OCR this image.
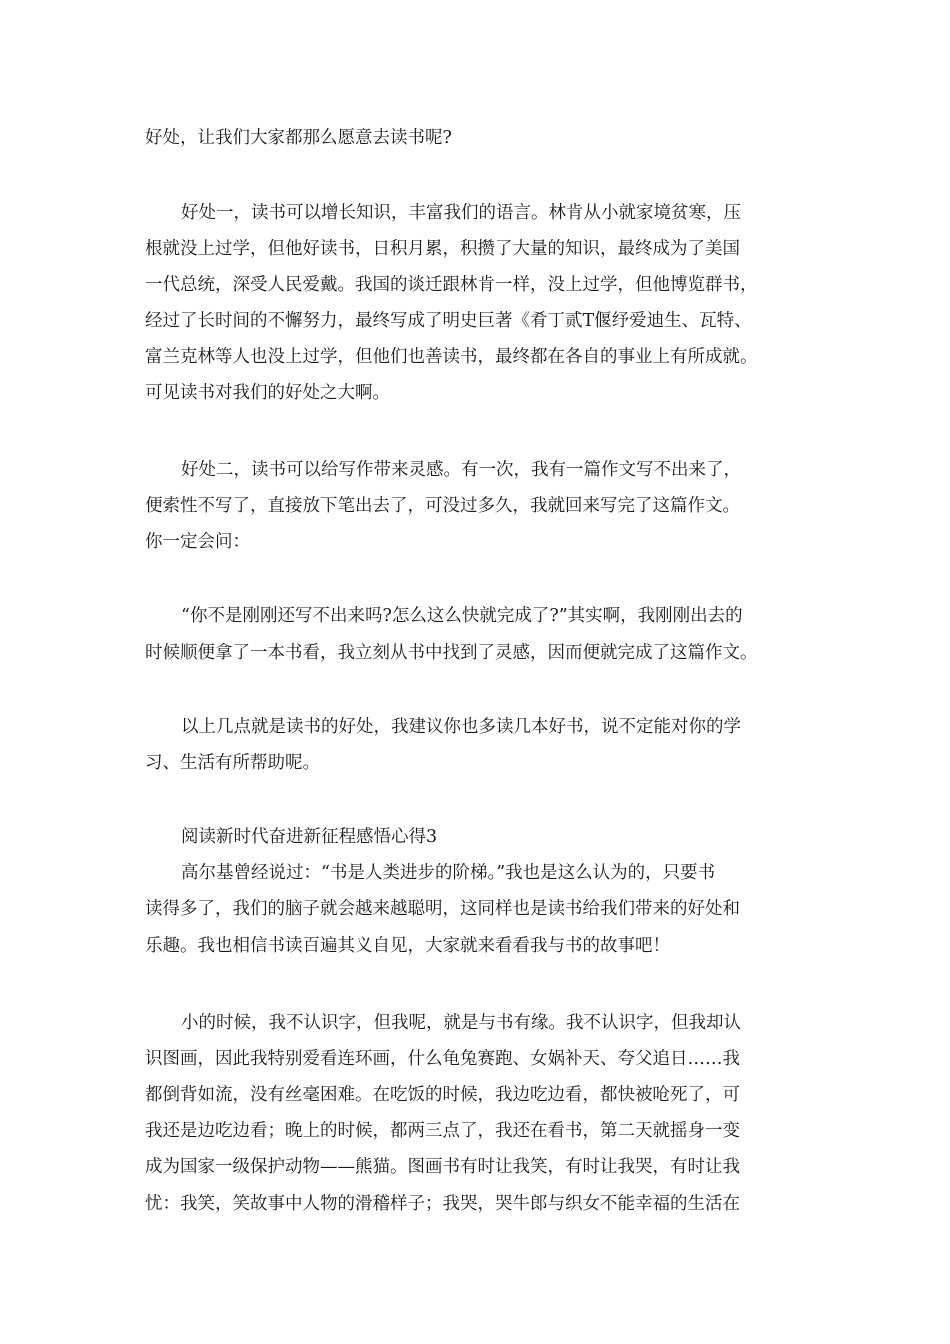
好处，让我们大家都那么愿意去读书呢?
好处一，读书可以增长知识，丰富我们的语言。林肯从小就家境贫寒，压
根就没上过学，但他好读书，日积月累，积攒了大量的知识，最终成为了美国
一代总统，深受人民爱戴。我国的谈迁跟林肯一样，没上过学，但他博览群书，
经过了长时间的不懈努力，最终写成了明史巨著《肴丁贰T偃纾爱迪生、瓦特、
富兰克林等人也没上过学，但他们也善读书，最终都在各自的事业上有所成就。
可见读书对我们的好处之大啊。
好处二，读书可以给写作带来灵感。有一次，我有一篇作文写不出来了，
便索性不写了，直接放下笔出去了，可没过多久，我就回来写完了这篇作文。
你一定会问：
“你不是刚刚还写不出来吗?怎么这么快就完成了?”其实啊，我刚刚出去的
时候顺便拿了一本书看，我立刻从书中找到了灵感，因而便就完成了这篇作文。
以上几点就是读书的好处，我建议你也多读几本好书，说不定能对你的学
习、生活有所帮助呢。
阅读新时代奋进新征程感悟心得3
高尔基曾经说过：“书是人类进步的阶梯。”我也是这么认为的，只要书
读得多了，我们的脑子就会越来越聪明，这同样也是读书给我们带来的好处和
乐趣。我也相信书读百遍其义自见，大家就来看看我与书的故事吧！
小的时候，我不认识字，但我呢，就是与书有缘。我不认识字，但我却认
识图画，因此我特别爱看连环画，什么龟兔赛跑、女娲补天、夸父追日……我
都倒背如流，没有丝毫困难。在吃饭的时候，我边吃边看，都快被呛死了，可
我还是边吃边看；晚上的时候，都两三点了，我还在看书，第二天就摇身一变
成为国家一级保护动物——熊猫。图画书有时让我笑，有时让我哭，有时让我
忧：我笑，笑故事中人物的滑稽样子；我哭，哭牛郎与织女不能幸福的生活在
